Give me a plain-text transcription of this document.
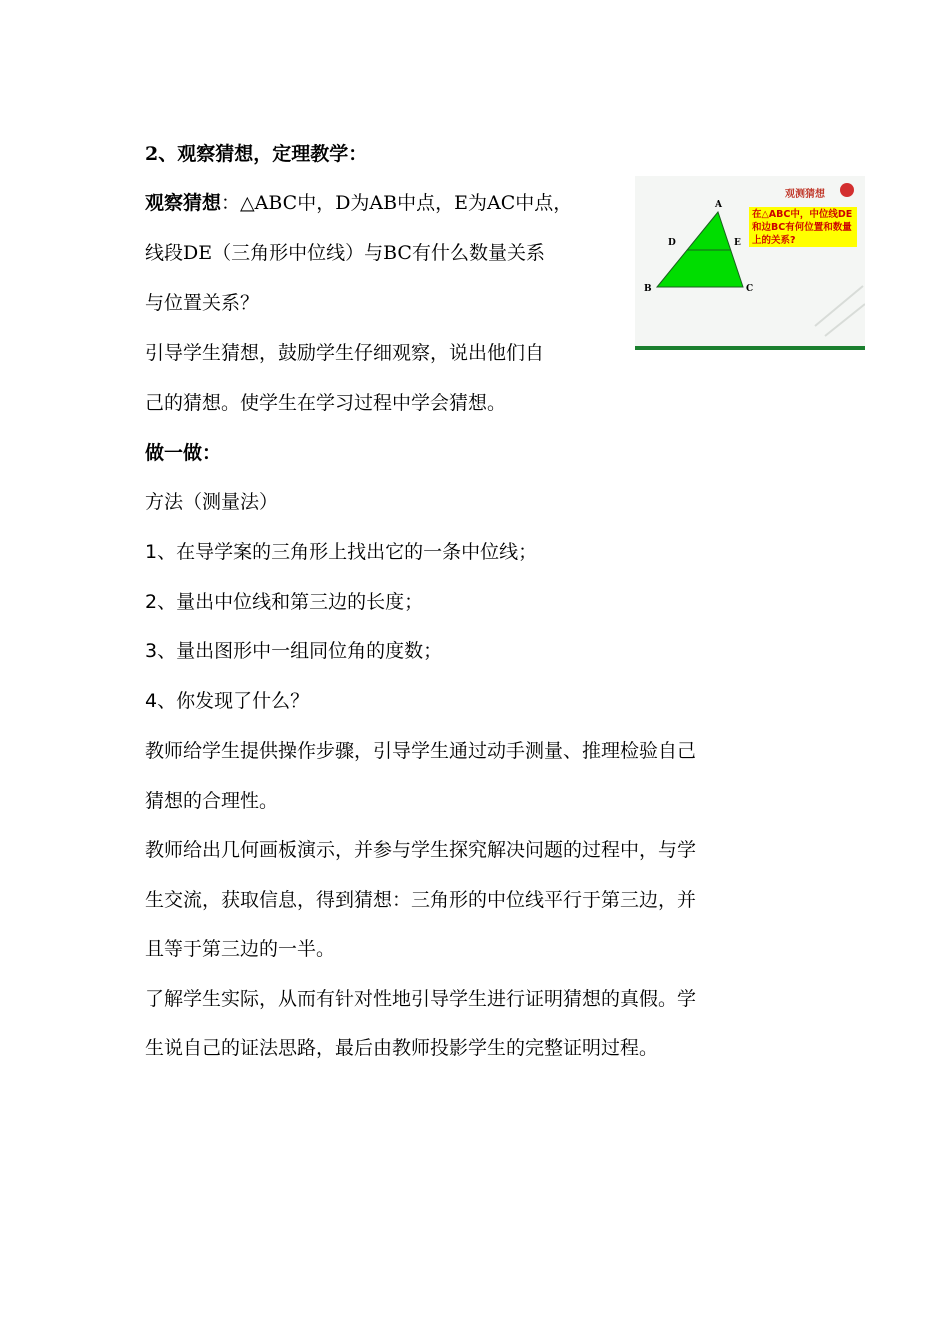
2、观察猜想，定理教学：
观察猜想：△ABC中，D为AB中点，E为AC中点，
线段DE（三角形中位线）与BC有什么数量关系
与位置关系？
引导学生猜想，鼓励学生仔细观察，说出他们自
己的猜想。使学生在学习过程中学会猜想。
观测猜想
在△ABC中，中位线DE和边BC有何位置和数量上的关系?
A
B	C
D	E
做一做：
方法（测量法）
1、在导学案的三角形上找出它的一条中位线；
2、量出中位线和第三边的长度；
3、量出图形中一组同位角的度数；
4、你发现了什么？
教师给学生提供操作步骤，引导学生通过动手测量、推理检验自己
猜想的合理性。
教师给出几何画板演示，并参与学生探究解决问题的过程中，与学
生交流，获取信息，得到猜想：三角形的中位线平行于第三边，并
且等于第三边的一半。
了解学生实际，从而有针对性地引导学生进行证明猜想的真假。学
生说自己的证法思路，最后由教师投影学生的完整证明过程。
